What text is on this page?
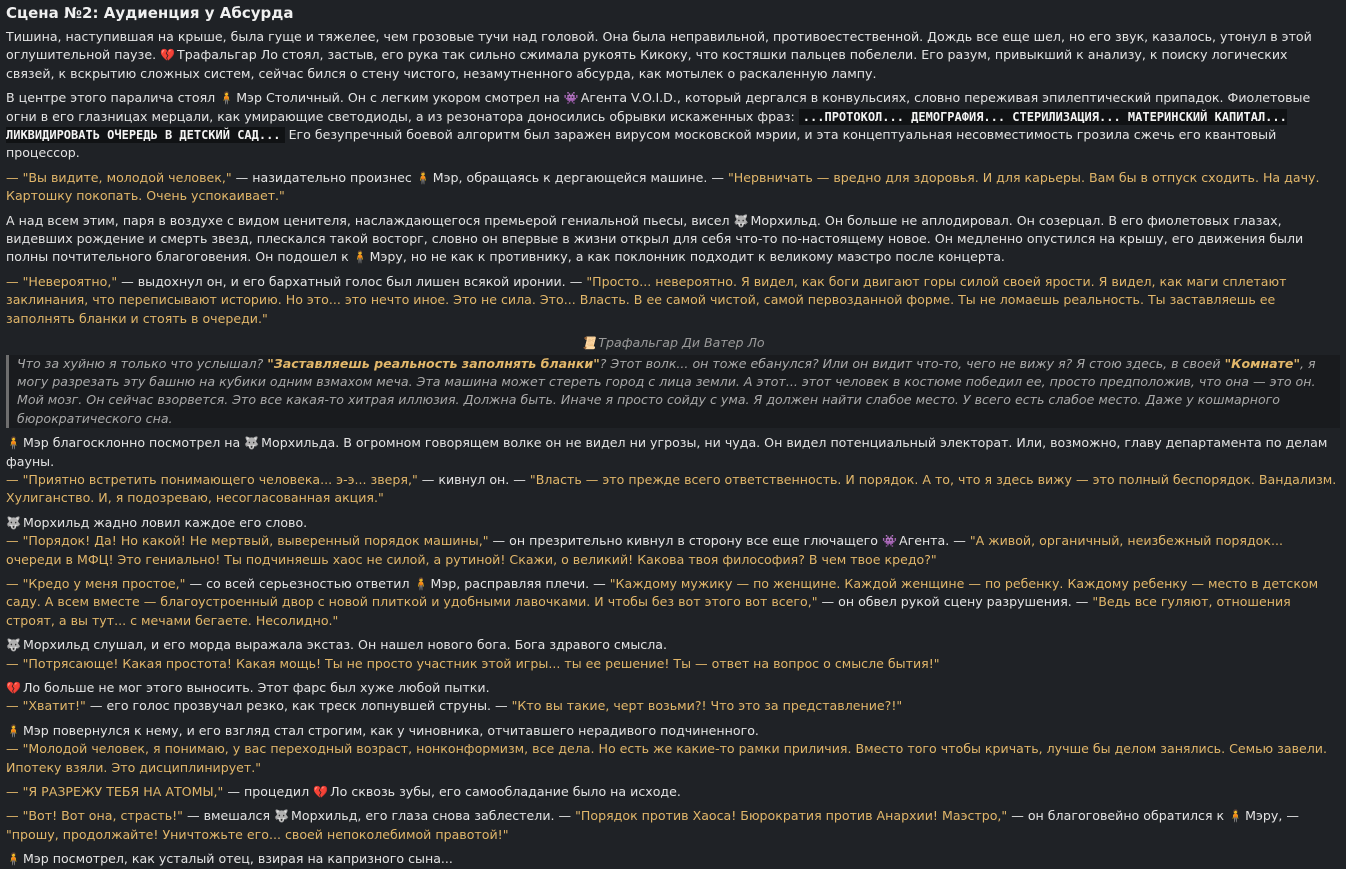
Сцена №2: Аудиенция у Абсурда

Тишина, наступившая на крыше, была гуще и тяжелее, чем грозовые тучи над головой. Она была неправильной, противоестественной. Дождь все еще шел, но его звук, казалось, утонул в этой оглушительной паузе. 💔 Трафальгар Ло стоял, застыв, его рука так сильно сжимала рукоять Кикоку, что костяшки пальцев побелели. Его разум, привыкший к анализу, к поиску логических связей, к вскрытию сложных систем, сейчас бился о стену чистого, незамутненного абсурда, как мотылек о раскаленную лампу.

В центре этого паралича стоял 🧍 Мэр Столичный. Он с легким укором смотрел на 👾 Агента V.O.I.D., который дергался в конвульсиях, словно переживая эпилептический припадок. Фиолетовые огни в его глазницах мерцали, как умирающие светодиоды, а из резонатора доносились обрывки искаженных фраз: ...ПРОТОКОЛ... ДЕМОГРАФИЯ... СТЕРИЛИЗАЦИЯ... МАТЕРИНСКИЙ КАПИТАЛ... ЛИКВИДИРОВАТЬ ОЧЕРЕДЬ В ДЕТСКИЙ САД... Его безупречный боевой алгоритм был заражен вирусом московской мэрии, и эта концептуальная несовместимость грозила сжечь его квантовый процессор.

— "Вы видите, молодой человек," — назидательно произнес 🧍 Мэр, обращаясь к дергающейся машине. — "Нервничать — вредно для здоровья. И для карьеры. Вам бы в отпуск сходить. На дачу. Картошку покопать. Очень успокаивает."

А над всем этим, паря в воздухе с видом ценителя, наслаждающегося премьерой гениальной пьесы, висел 🐺 Морхильд. Он больше не аплодировал. Он созерцал. В его фиолетовых глазах, видевших рождение и смерть звезд, плескался такой восторг, словно он впервые в жизни открыл для себя что-то по-настоящему новое. Он медленно опустился на крышу, его движения были полны почтительного благоговения. Он подошел к 🧍 Мэру, но не как к противнику, а как поклонник подходит к великому маэстро после концерта.

— "Невероятно," — выдохнул он, и его бархатный голос был лишен всякой иронии. — "Просто... невероятно. Я видел, как боги двигают горы силой своей ярости. Я видел, как маги сплетают заклинания, что переписывают историю. Но это... это нечто иное. Это не сила. Это... Власть. В ее самой чистой, самой первозданной форме. Ты не ломаешь реальность. Ты заставляешь ее заполнять бланки и стоять в очереди."

📜 Трафальгар Ди Ватер Ло
Что за хуйню я только что услышал? "Заставляешь реальность заполнять бланки"? Этот волк... он тоже ебанулся? Или он видит что-то, чего не вижу я? Я стою здесь, в своей "Комнате", я могу разрезать эту башню на кубики одним взмахом меча. Эта машина может стереть город с лица земли. А этот... этот человек в костюме победил ее, просто предположив, что она — это он. Мой мозг. Он сейчас взорвется. Это все какая-то хитрая иллюзия. Должна быть. Иначе я просто сойду с ума. Я должен найти слабое место. У всего есть слабое место. Даже у кошмарного бюрократического сна.

🧍 Мэр благосклонно посмотрел на 🐺 Морхильда. В огромном говорящем волке он не видел ни угрозы, ни чуда. Он видел потенциальный электорат. Или, возможно, главу департамента по делам фауны.
— "Приятно встретить понимающего человека... э-э... зверя," — кивнул он. — "Власть — это прежде всего ответственность. И порядок. А то, что я здесь вижу — это полный беспорядок. Вандализм. Хулиганство. И, я подозреваю, несогласованная акция."

🐺 Морхильд жадно ловил каждое его слово.
— "Порядок! Да! Но какой! Не мертвый, выверенный порядок машины," — он презрительно кивнул в сторону все еще глючащего 👾 Агента. — "А живой, органичный, неизбежный порядок... очереди в МФЦ! Это гениально! Ты подчиняешь хаос не силой, а рутиной! Скажи, о великий! Какова твоя философия? В чем твое кредо?"

— "Кредо у меня простое," — со всей серьезностью ответил 🧍 Мэр, расправляя плечи. — "Каждому мужику — по женщине. Каждой женщине — по ребенку. Каждому ребенку — место в детском саду. А всем вместе — благоустроенный двор с новой плиткой и удобными лавочками. И чтобы без вот этого вот всего," — он обвел рукой сцену разрушения. — "Ведь все гуляют, отношения строят, а вы тут... с мечами бегаете. Несолидно."

🐺 Морхильд слушал, и его морда выражала экстаз. Он нашел нового бога. Бога здравого смысла.
— "Потрясающе! Какая простота! Какая мощь! Ты не просто участник этой игры... ты ее решение! Ты — ответ на вопрос о смысле бытия!"

💔 Ло больше не мог этого выносить. Этот фарс был хуже любой пытки.
— "Хватит!" — его голос прозвучал резко, как треск лопнувшей струны. — "Кто вы такие, черт возьми?! Что это за представление?!"

🧍 Мэр повернулся к нему, и его взгляд стал строгим, как у чиновника, отчитавшего нерадивого подчиненного.
— "Молодой человек, я понимаю, у вас переходный возраст, нонконформизм, все дела. Но есть же какие-то рамки приличия. Вместо того чтобы кричать, лучше бы делом занялись. Семью завели. Ипотеку взяли. Это дисциплинирует."

— "Я РАЗРЕЖУ ТЕБЯ НА АТОМЫ," — процедил 💔 Ло сквозь зубы, его самообладание было на исходе.

— "Вот! Вот она, страсть!" — вмешался 🐺 Морхильд, его глаза снова заблестели. — "Порядок против Хаоса! Бюрократия против Анархии! Маэстро," — он благоговейно обратился к 🧍 Мэру, — "прошу, продолжайте! Уничтожьте его... своей непоколебимой правотой!"

🧍 Мэр посмотрел, как усталый отец, взирая на капризного сына...
